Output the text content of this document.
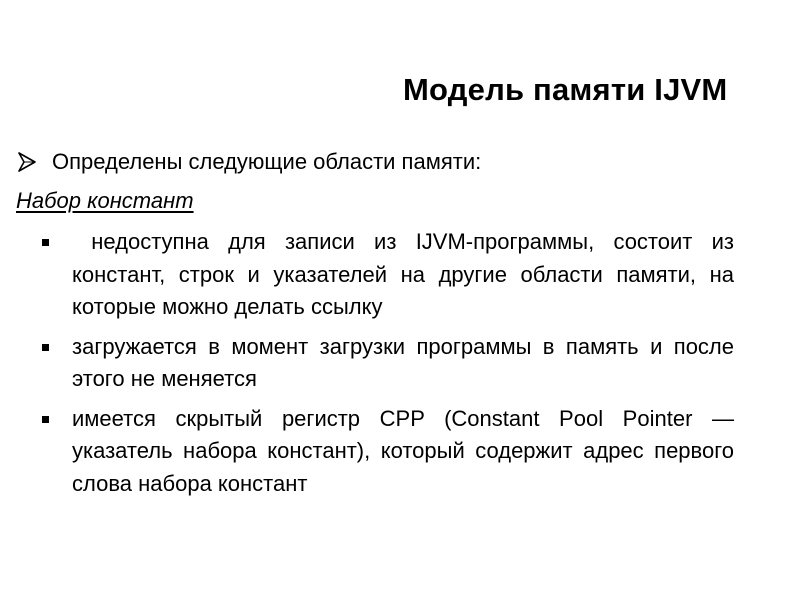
Модель памяти IJVM
Определены следующие области памяти:
Набор констант
недоступна для записи из IJVM-программы, состоит из констант, строк и указателей на другие области памяти, на которые можно делать ссылку
загружается в момент загрузки программы в память и после этого не меняется
имеется скрытый регистр CPP (Constant Pool Pointer — указатель набора констант), который содержит адрес первого слова набора констант
